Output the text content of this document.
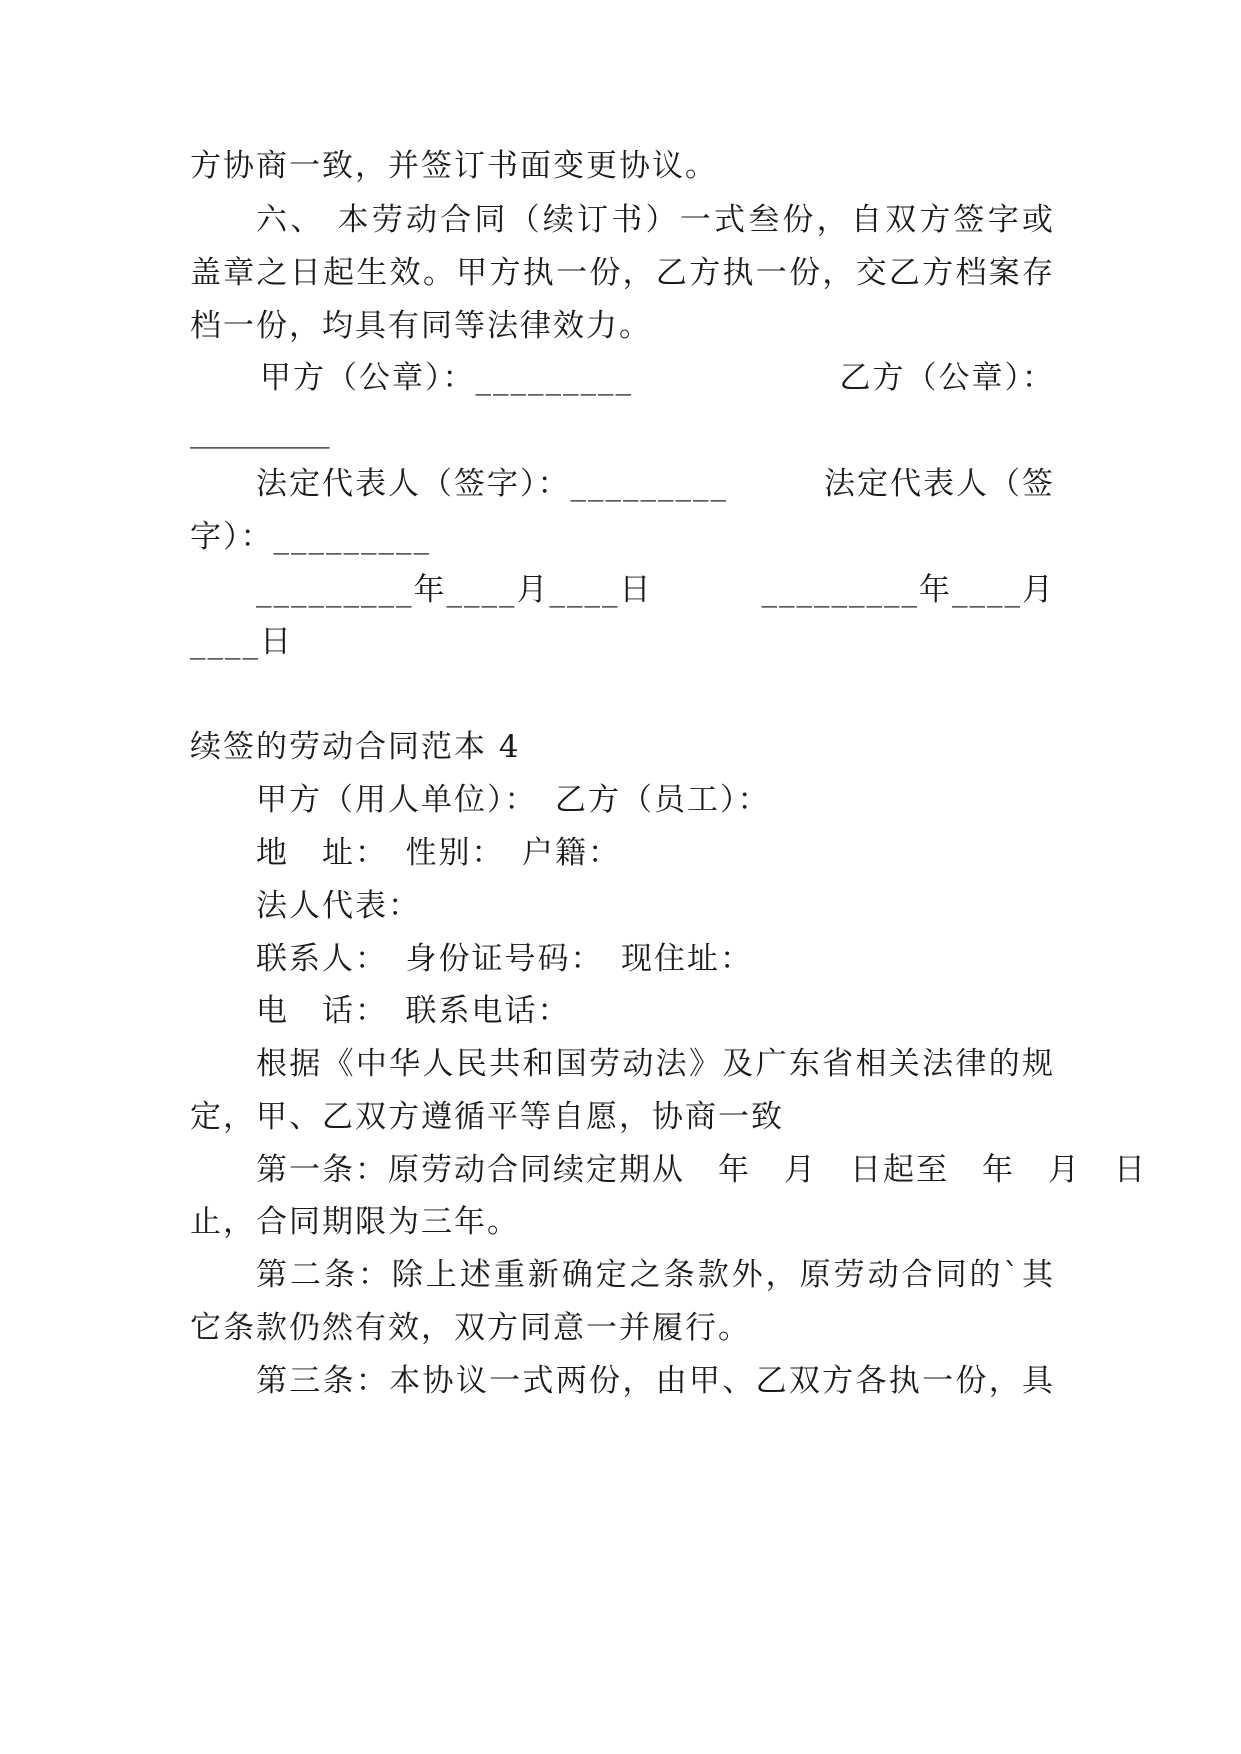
方协商一致，并签订书面变更协议。
六、 本劳动合同（续订书）一式叁份，自双方签字或
盖章之日起生效。甲方执一份，乙方执一份，交乙方档案存
档一份，均具有同等法律效力。
甲方（公章）：_________	乙方（公章）：
_________
法定代表人（签字）：_________	法定代表人（签
字）：_________
_________年____月____日	_________年____月
____日
续签的劳动合同范本 4
甲方（用人单位）：　乙方（员工）：
地　址：　性别：　户籍：
法人代表：
联系人：　身份证号码：　现住址：
电　话：　联系电话：
根据《中华人民共和国劳动法》及广东省相关法律的规
定，甲、乙双方遵循平等自愿，协商一致
第一条：原劳动合同续定期从　年　月　日起至　年　月　日
止，合同期限为三年。
第二条：除上述重新确定之条款外，原劳动合同的`其
它条款仍然有效，双方同意一并履行。
第三条：本协议一式两份，由甲、乙双方各执一份，具
